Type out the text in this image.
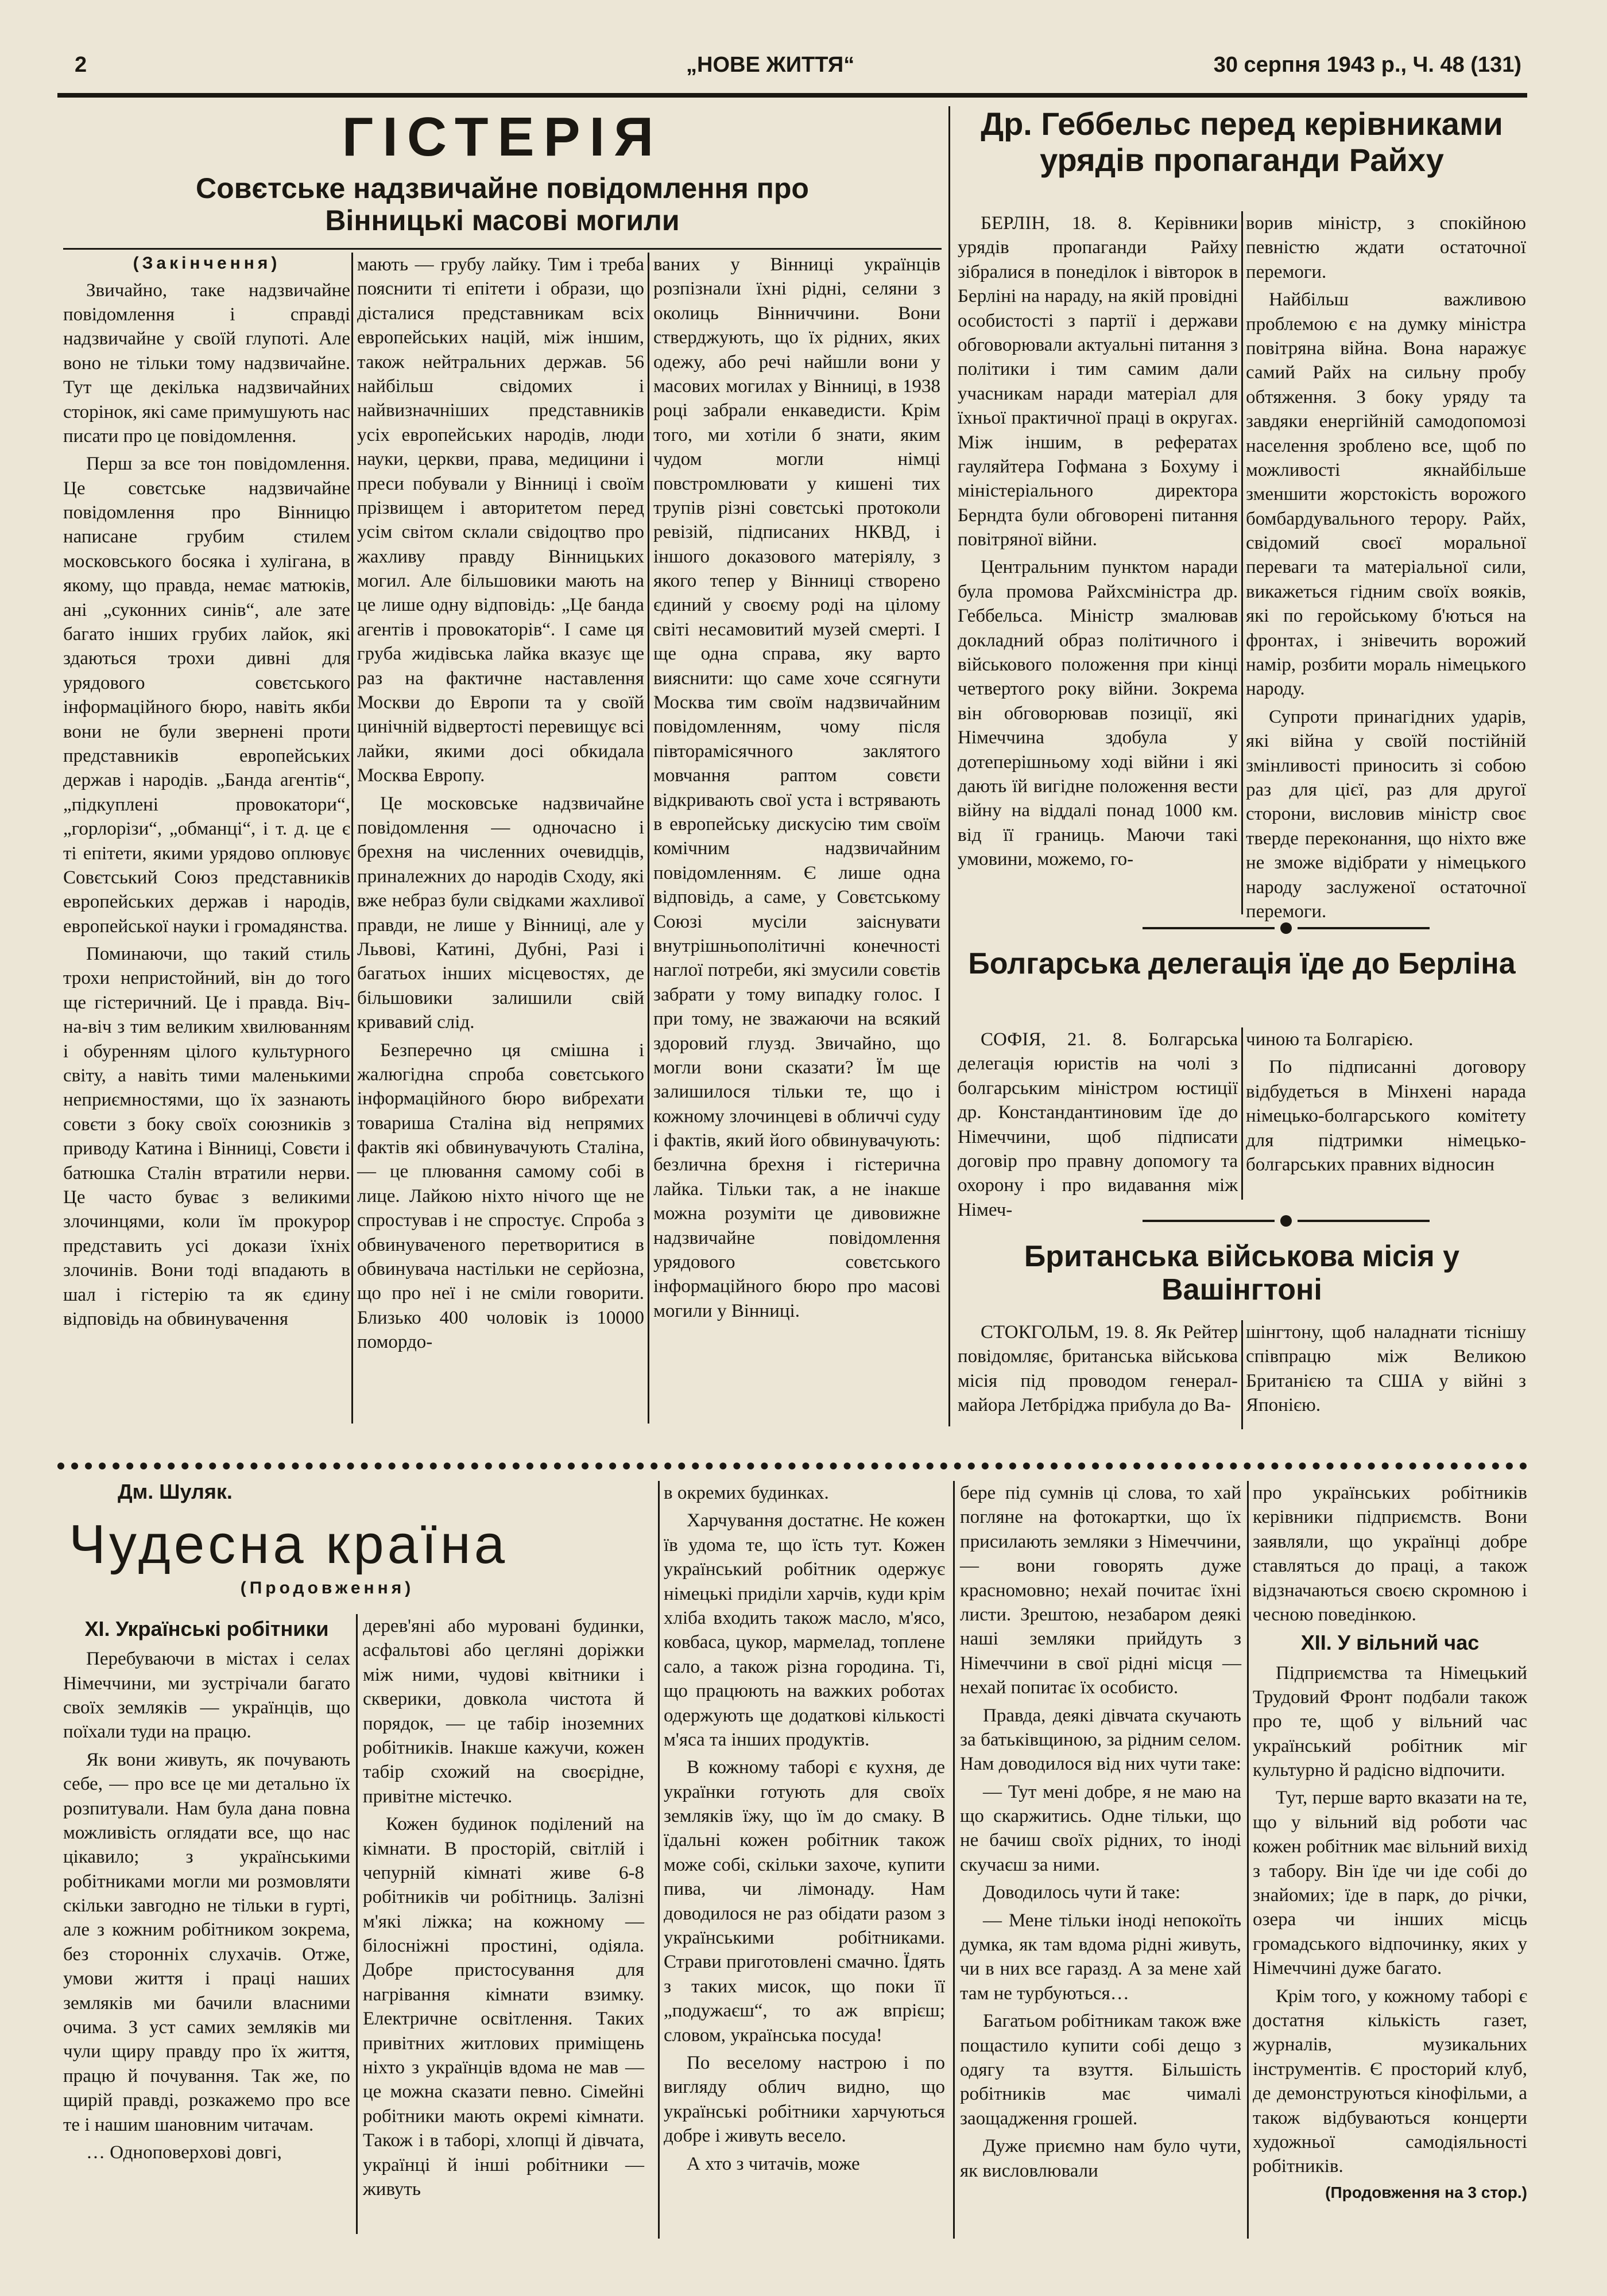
2	„НОВЕ ЖИТТЯ“	30 серпня 1943 р., Ч. 48 (131)
ГІСТЕРІЯ
Совєтське надзвичайне повідомлення про Вінницькі масові могили

(Закінчення)

Звичайно, таке надзвичайне повідомлення і справді надзвичайне у своїй глупоті. Але воно не тільки тому надзвичайне. Тут ще декілька надзвичайних сторінок, які саме примушують нас писати про це повідомлення.

Перш за все тон повідомлення. Це совєтське надзвичайне повідомлення про Вінницю написане грубим стилем московського босяка і хулігана, в якому, що правда, немає матюків, ані „суконних синів“, але зате багато інших грубих лайок, які здаються трохи дивні для урядового совєтського інформаційного бюро, навіть якби вони не були звернені проти представників европейських держав і народів. „Банда агентів“, „підкуплені провокатори“, „горлорізи“, „обманці“, і т. д. це є ті епітети, якими урядово оплювує Совєтський Союз представників европейських держав і народів, европейської науки і громадянства.

Поминаючи, що такий стиль трохи непристойний, він до того ще гістеричний. Це і правда. Віч-на-віч з тим великим хвилюванням і обуренням цілого культурного світу, а навіть тими маленькими неприємностями, що їх зазнають совєти з боку своїх союзників з приводу Катина і Вінниці, Совєти і батюшка Сталін втратили нерви. Це часто буває з великими злочинцями, коли їм прокурор представить усі докази їхніх злочинів. Вони тоді впадають в шал і гістерію та як єдину відповідь на обвинувачення

мають — грубу лайку. Тим і треба пояснити ті епітети і образи, що дісталися представникам всіх европейських націй, між іншим, також нейтральних держав. 56 найбільш свідомих і найвизначніших представників усіх европейських народів, люди науки, церкви, права, медицини і преси побували у Вінниці і своїм прізвищем і авторитетом перед усім світом склали свідоцтво про жахливу правду Вінницьких могил. Але більшовики мають на це лише одну відповідь: „Це банда агентів і провокаторів“. І саме ця груба жидівська лайка вказує ще раз на фактичне наставлення Москви до Европи та у своїй цинічній відвертості перевищує всі лайки, якими досі обкидала Москва Европу.

Це московське надзвичайне повідомлення — одночасно і брехня на численних очевидців, приналежних до народів Сходу, які вже небраз були свідками жахливої правди, не лише у Вінниці, але у Львові, Катині, Дубні, Разі і багатьох інших місцевостях, де більшовики залишили свій кривавий слід.

Безперечно ця смішна і жалюгідна спроба совєтського інформаційного бюро вибрехати товариша Сталіна від непрямих фактів які обвинувачують Сталіна, — це плювання самому собі в лице. Лайкою ніхто нічого ще не спростував і не спростує. Спроба з обвинуваченого перетворитися в обвинувача настільки не серйозна, що про неї і не сміли говорити. Близько 400 чоловік із 10000 помордо-

ваних у Вінниці українців розпізнали їхні рідні, селяни з околиць Вінниччини. Вони стверджують, що їх рідних, яких одежу, або речі найшли вони у масових могилах у Вінниці, в 1938 році забрали енкаведисти. Крім того, ми хотіли б знати, яким чудом могли німці повстромлювати у кишені тих трупів різні совєтські протоколи ревізій, підписаних НКВД, і іншого доказового матеріялу, з якого тепер у Вінниці створено єдиний у своєму роді на цілому світі несамовитий музей смерті. І ще одна справа, яку варто вияснити: що саме хоче ссягнути Москва тим своїм надзвичайним повідомленням, чому після півторамісячного заклятого мовчання раптом совєти відкривають свої уста і встрявають в европейську дискусію тим своїм комічним надзвичайним повідомленням. Є лише одна відповідь, а саме, у Совєтському Союзі мусіли заіснувати внутрішньополітичні конечності наглої потреби, які змусили совєтів забрати у тому випадку голос. І при тому, не зважаючи на всякий здоровий глузд. Звичайно, що могли вони сказати? Їм ще залишилося тільки те, що і кожному злочинцеві в обличчі суду і фактів, який його обвинувачують: безлична брехня і гістерична лайка. Тільки так, а не інакше можна розуміти це дивовижне надзвичайне повідомлення урядового совєтського інформаційного бюро про масові могили у Вінниці.

Др. Геббельс перед керівниками урядів пропаганди Райху

БЕРЛІН, 18. 8. Керівники урядів пропаганди Райху зібралися в понеділок і вівторок в Берліні на нараду, на якій провідні особистості з партії і держави обговорювали актуальні питання з політики і тим самим дали учасникам наради матеріал для їхньої практичної праці в округах. Між іншим, в рефератах гауляйтера Гофмана з Бохуму і міністеріального директора Берндта були обговорені питання повітряної війни.

Центральним пунктом наради була промова Райхсміністра др. Геббельса. Міністр змалював докладний образ політичного і військового положення при кінці четвертого року війни. Зокрема він обговорював позиції, які Німеччина здобула у дотеперішньому ході війни і які дають їй вигідне положення вести війну на віддалі понад 1000 км. від її границь. Маючи такі умовини, можемо, го-

ворив міністр, з спокійною певністю ждати остаточної перемоги.

Найбільш важливою проблемою є на думку міністра повітряна війна. Вона наражує самий Райх на сильну пробу обтяження. З боку уряду та завдяки енергійній самодопомозі населення зроблено все, щоб по можливості якнайбільше зменшити жорстокість ворожого бомбардувального терору. Райх, свідомий своєї моральної переваги та матеріальної сили, викажеться гідним своїх вояків, які по геройському б'ються на фронтах, і знівечить ворожий намір, розбити мораль німецького народу.

Супроти принагідних ударів, які війна у своїй постійній змінливості приносить зі собою раз для цієї, раз для другої сторони, висловив міністр своє тверде переконання, що ніхто вже не зможе відібрати у німецького народу заслуженої остаточної перемоги.

Болгарська делегація їде до Берліна

СОФІЯ, 21. 8. Болгарська делегація юристів на чолі з болгарським міністром юстиції др. Констандантиновим їде до Німеччини, щоб підписати договір про правну допомогу та охорону і про видавання між Німеч-

чиною та Болгарією.

По підписанні договору відбудеться в Мінхені нарада німецько-болгарського комітету для підтримки німецько-болгарських правних відносин

Британська військова місія у Вашінгтоні

СТОКГОЛЬМ, 19. 8. Як Рейтер повідомляє, британська військова місія під проводом генерал-майора Летбріджа прибула до Ва-

шінгтону, щоб наладнати тіснішу співпрацю між Великою Британією та США у війні з Японією.

Дм. Шуляк.
Чудесна країна
(Продовження)
XI. Українські робітники

Перебуваючи в містах і селах Німеччини, ми зустрічали багато своїх земляків — українців, що поїхали туди на працю.

Як вони живуть, як почувають себе, — про все це ми детально їх розпитували. Нам була дана повна можливість оглядати все, що нас цікавило; з українськими робітниками могли ми розмовляти скільки завгодно не тільки в гурті, але з кожним робітником зокрема, без сторонніх слухачів. Отже, умови життя і праці наших земляків ми бачили власними очима. З уст самих земляків ми чули щиру правду про їх життя, працю й почування. Так же, по щирій правді, розкажемо про все те і нашим шановним читачам.

… Одноповерхові довгі,

дерев'яні або муровані будинки, асфальтові або цегляні доріжки між ними, чудові квітники і скверики, довкола чистота й порядок, — це табір іноземних робітників. Інакше кажучи, кожен табір схожий на своєрідне, привітне містечко.

Кожен будинок поділений на кімнати. В просторій, світлій і чепурній кімнаті живе 6-8 робітників чи робітниць. Залізні м'які ліжка; на кожному — білосніжні простині, одіяла. Добре пристосування для нагрівання кімнати взимку. Електричне освітлення. Таких привітних житлових приміщень ніхто з українців вдома не мав — це можна сказати певно. Сімейні робітники мають окремі кімнати. Також і в таборі, хлопці й дівчата, українці й інші робітники — живуть

в окремих будинках.

Харчування достатнє. Не кожен їв удома те, що їсть тут. Кожен український робітник одержує німецькі приділи харчів, куди крім хліба входить також масло, м'ясо, ковбаса, цукор, мармелад, топлене сало, а також різна городина. Ті, що працюють на важких роботах одержують ще додаткові кількості м'яса та інших продуктів.

В кожному таборі є кухня, де українки готують для своїх земляків їжу, що їм до смаку. В їдальні кожен робітник також може собі, скільки захоче, купити пива, чи лімонаду. Нам доводилося не раз обідати разом з українськими робітниками. Страви приготовлені смачно. Їдять з таких мисок, що поки її „подужаєш“, то аж впрієш; словом, українська посуда!

По веселому настрою і по вигляду облич видно, що українські робітники харчуються добре і живуть весело.

А хто з читачів, може

бере під сумнів ці слова, то хай погляне на фотокартки, що їх присилають земляки з Німеччини, — вони говорять дуже красномовно; нехай почитає їхні листи. Зрештою, незабаром деякі наші земляки прийдуть з Німеччини в свої рідні місця — нехай попитає їх особисто.

Правда, деякі дівчата скучають за батьківщиною, за рідним селом. Нам доводилося від них чути таке:

— Тут мені добре, я не маю на що скаржитись. Одне тільки, що не бачиш своїх рідних, то іноді скучаєш за ними.

Доводилось чути й таке:

— Мене тільки іноді непокоїть думка, як там вдома рідні живуть, чи в них все гаразд. А за мене хай там не турбуються…

Багатьом робітникам також вже пощастило купити собі дещо з одягу та взуття. Більшість робітників має чималі заощадження грошей.

Дуже приємно нам було чути, як висловлювали

про українських робітників керівники підприємств. Вони заявляли, що українці добре ставляться до праці, а також відзначаються своєю скромною і чесною поведінкою.

XII. У вільний час

Підприємства та Німецький Трудовий Фронт подбали також про те, щоб у вільний час український робітник міг культурно й радісно відпочити.

Тут, перше варто вказати на те, що у вільний від роботи час кожен робітник має вільний вихід з табору. Він їде чи іде собі до знайомих; їде в парк, до річки, озера чи інших місць громадського відпочинку, яких у Німеччині дуже багато.

Крім того, у кожному таборі є достатня кількість газет, журналів, музикальних інструментів. Є просторий клуб, де демонструються кінофільми, а також відбуваються концерти художньої самодіяльності робітників.

(Продовження на 3 стор.)
